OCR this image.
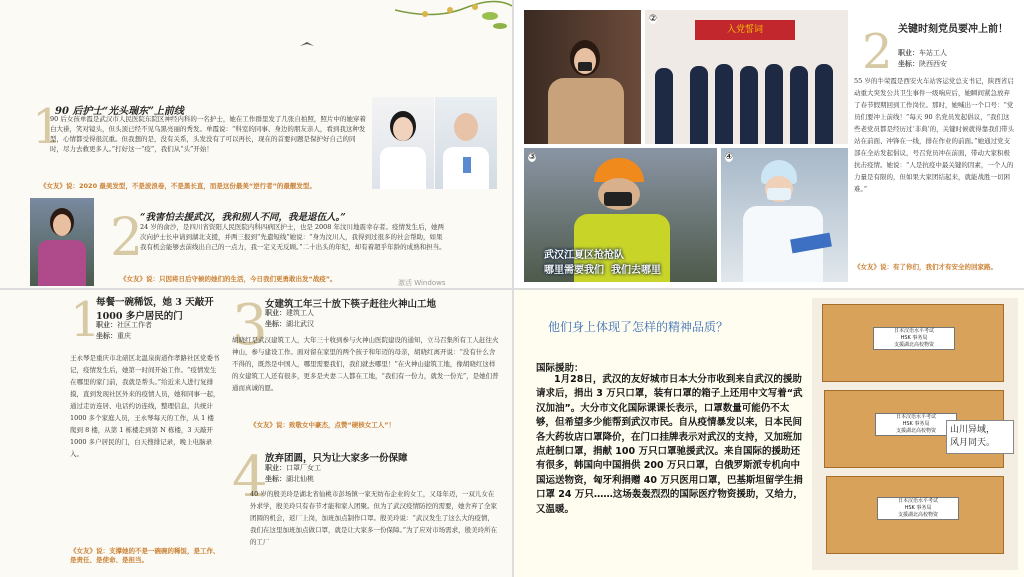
1
90 后护士“光头瑞东”上前线
90 后女孩单霞是武汉市人民医院东院区神经内科的一名护士，她在工作群里发了几张自拍照，照片中的她穿着白大褂，笑对镜头，但头顶已经不见乌黑亮丽的秀发。单霞说：“科室的同事、身边的朋友亲人，看到我这种发型，心情都受得很沉重。但我想的是，没有关系，头发没有了可以再长，现在的首要问题是保护好自己的同时，尽力去救更多人。”打好这一“疫”，我们从“头”开始！
《女友》说：2020 最美发型，不是波浪卷，不是黑长直，而是这份最美“逆行者”的最靓发型。
2
“我害怕去援武汉，我和别人不同，我是退伍人。”
24 岁的俞沙，是四川省资阳人民医院内科四病区护士，也是 2008 年汶川地震幸存者。疫情发生后，她两次向护士长申请到湖北支援，并两三报到“先遣短线”她说：“身为汶川人，我得到过很多的社会帮助，如果我有机会能够去前线出自己的一点力，我一定义无反顾。”二十出头的年纪，却有着超乎年龄的成熟和担当。
《女友》说：只因将日后守候的她们的生活，今日我们更勇敢出发“战疫”。	激活 Windows
入党誓词
②
武汉江夏区抢抢队
哪里需要我们  我们去哪里
③	④
2 关键时刻党员要冲上前！
职业：车站工人
坐标：陕西西安
55 岁的牛荣霞是西安火车站客运党总支书记，陕西省启动重大突发公共卫生事件一级响应后，她瞬间紧急放弃了春节假期回到工作岗位。那时，她喊出一个口号：“党员们要冲上前线！”每天 90 名党员发起倡议，“我们这些老党员都是经历过‘非典’的，关键时候就得靠我们带头站在前面、冲锋在一线，排在作业的前面。”她通过党支部在全站发起倡议，号召党员冲在前面，带动大家积极抗击疫情。她说：“人是抗疫中最关键的因素，一个人的力量是有限的，但如果大家团结起来，就能战胜一切困难。”
《女友》说：有了你们，我们才有安全的回家路。
1
每餐一碗稀饭，她 3 天敲开 1000 多户居民的门
职业：社区工作者
坐标：重庆
王永琴是重庆市北碚区北温泉街道作孝路社区党委书记，疫情发生后，她第一时间开始工作。“疫情发生在哪里的家门前，我就是帮头。”给近来人进行复排摸，直到发现社区外来的疫情人员，她和同事一起，通过走访连居、电话约访连线，整理信息，共统计 1000 多个家庭人员，王永琴每天的工作，从 1 楼爬到 8 楼，从第 1 栋楼走到第 N 栋楼，3 天敲开 1000 多户居民的门，白天搜排记录，晚上电脑录入。
《女友》说：支撑她的不是一碗碗的稀饭，是工作、是责任、是使命、是担当。
3
女建筑工年三十放下筷子赶往火神山工地
职业：建筑工人
坐标：湖北武汉
胡晓红是武汉建筑工人，大年三十收到参与火神山医院建设的通知，立马召集所有工人赶往火神山，参与建设工作。面对留在家里的两个孩子和年迈的母亲，胡晓红离开说：“没有什么舍不得的，既然是中国人，哪里需要我们，我们就去哪里！”在火神山建筑工地，像胡晓红这样的女建筑工人还有很多，更多是夫妻二人都在工地，“我们有一份力，就发一份光”，是她们普通而真诚的愿。
《女友》说：致敬女中豪杰，点赞“硬核女工人”！
4
放弃团圆，只为让大家多一份保障
职业：口罩厂女工
坐标：湖北仙桃
40 岁的殷美玲是湖北省仙桃市彭场镇一家无纺布企业的女工，又母年迈，一双儿女在外求学，殷美玲只有春节才能和家人团聚。但为了武汉疫情防控的需要，她舍弃了全家团圆的机会，返厂上岗，加班加点制作口罩。殷美玲说：“武汉发生了这么大的疫情，我们在这里加班加点做口罩，就是让大家多一份保障。”为了应对市场需求，殷美玲所在的工厂
他们身上体现了怎样的精神品质？
国际援助：
1月28日，武汉的友好城市日本大分市收到来自武汉的援助请求后，捐出 3 万只口罩，装有口罩的箱子上还用中文写着“武汉加油”。大分市文化国际课课长表示，口罩数量可能仍不太够，但希望多少能帮到武汉市民。自从疫情暴发以来，日本民间各大药妆店口罩降价，在门口挂牌表示对武汉的支持，又加班加点赶制口罩，捐献 100 万只口罩驰援武汉。来自国际的援助还有很多，韩国向中国捐供 200 万只口罩，白俄罗斯派专机向中国运送物资，匈牙利捐赠 40 万只医用口罩，巴基斯坦留学生捐口罩 24 万只……这场轰轰烈烈的国际医疗物资援助，又给力，又温暖。
日本汉语水平考试
HSK 事务局
支援湖北高校物资
日本汉语水平考试
HSK 事务局
支援湖北高校物资
日本汉语水平考试
HSK 事务局
支援湖北高校物资
山川异域，
风月同天。
